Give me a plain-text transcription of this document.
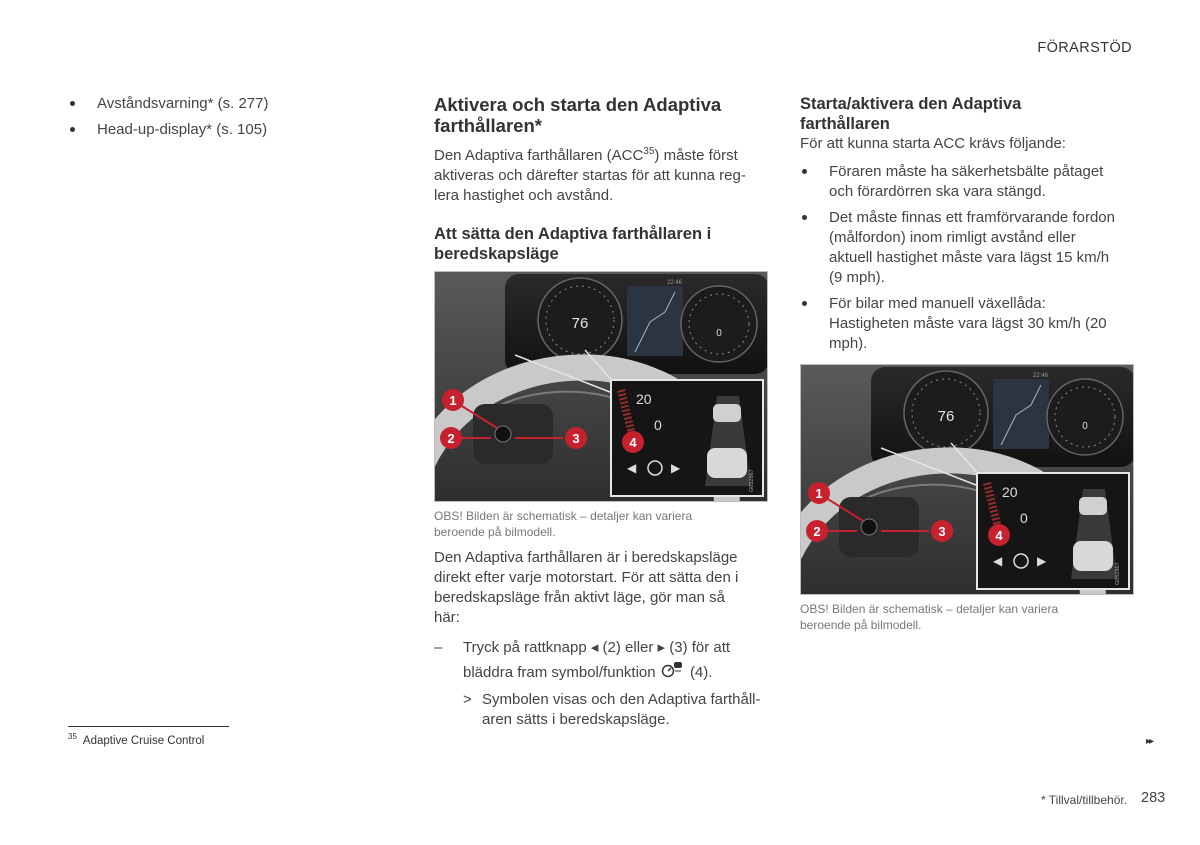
FÖRARSTÖD
Avståndsvarning* (s. 277)
Head-up-display* (s. 105)
Aktivera och starta den Adaptiva farthållaren*
Den Adaptiva farthållaren (ACC$^{35}$) måste först aktiveras och därefter startas för att kunna reg-lera hastighet och avstånd.
Att sätta den Adaptiva farthållaren i beredskapsläge
22:46
76
0
20
0
◀	▶
G052867
1
2	3	4
OBS! Bilden är schematisk – detaljer kan variera beroende på bilmodell.
Den Adaptiva farthållaren är i beredskapsläge direkt efter varje motorstart. För att sätta den i beredskapsläge från aktivt läge, gör man så här:
– Tryck på rattknapp ◂ (2) eller ▸ (3) för att
bläddra fram symbol/funktion (4).
> Symbolen visas och den Adaptiva farthåll-aren sätts i beredskapsläge.
Starta/aktivera den Adaptiva farthållaren
För att kunna starta ACC krävs följande:
Föraren måste ha säkerhetsbälte påtaget och förardörren ska vara stängd.
Det måste finnas ett framförvarande fordon (målfordon) inom rimligt avstånd eller aktuell hastighet måste vara lägst 15 km/h (9 mph).
För bilar med manuell växellåda: Hastigheten måste vara lägst 30 km/h (20 mph).
22:46
76
0
20
0
◀	▶
G052867
1
2	3	4
OBS! Bilden är schematisk – detaljer kan variera beroende på bilmodell.
$^{35}$ Adaptive Cruise Control	▸▸
* Tillval/tillbehör. 283
